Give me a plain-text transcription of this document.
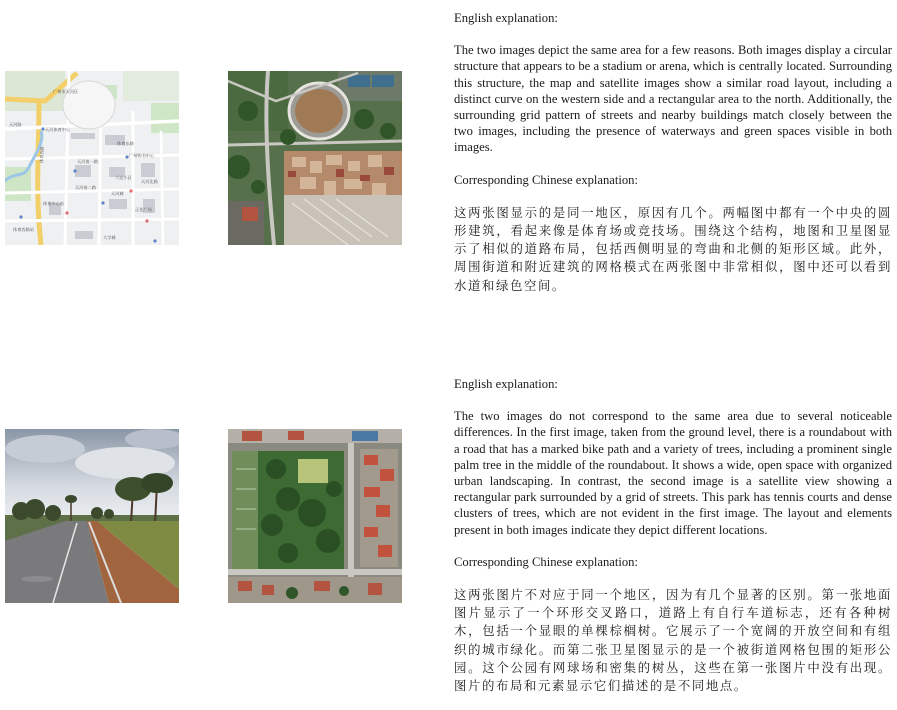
天河体育中心
广州市天河区
体育西路
天河路
体育东路
天河南一路
天河南二路
广州购书中心
六运小区
天河城
正佳广场
体育中心站
体育西路站
大学城
天河北路

English explanation:

The two images depict the same area for a few reasons. Both images display a circular structure that appears to be a stadium or arena, which is centrally located. Surrounding this structure, the map and satellite images show a similar road layout, including a distinct curve on the western side and a rectangular area to the north. Additionally, the surrounding grid pattern of streets and nearby buildings match closely between the two images, including the presence of waterways and green spaces visible in both images.

Corresponding Chinese explanation:

这两张图显示的是同一地区，原因有几个。两幅图中都有一个中央的圆形建筑，看起来像是体育场或竞技场。围绕这个结构，地图和卫星图显示了相似的道路布局，包括西侧明显的弯曲和北侧的矩形区域。此外，周围街道和附近建筑的网格模式在两张图中非常相似，图中还可以看到水道和绿色空间。

English explanation:

The two images do not correspond to the same area due to several noticeable differences. In the first image, taken from the ground level, there is a roundabout with a road that has a marked bike path and a variety of trees, including a prominent single palm tree in the middle of the roundabout. It shows a wide, open space with organized urban landscaping. In contrast, the second image is a satellite view showing a rectangular park surrounded by a grid of streets. This park has tennis courts and dense clusters of trees, which are not evident in the first image. The layout and elements present in both images indicate they depict different locations.

Corresponding Chinese explanation:

这两张图片不对应于同一个地区，因为有几个显著的区别。第一张地面图片显示了一个环形交叉路口，道路上有自行车道标志，还有各种树木，包括一个显眼的单棵棕榈树。它展示了一个宽阔的开放空间和有组织的城市绿化。而第二张卫星图显示的是一个被街道网格包围的矩形公园。这个公园有网球场和密集的树丛，这些在第一张图片中没有出现。图片的布局和元素显示它们描述的是不同地点。
